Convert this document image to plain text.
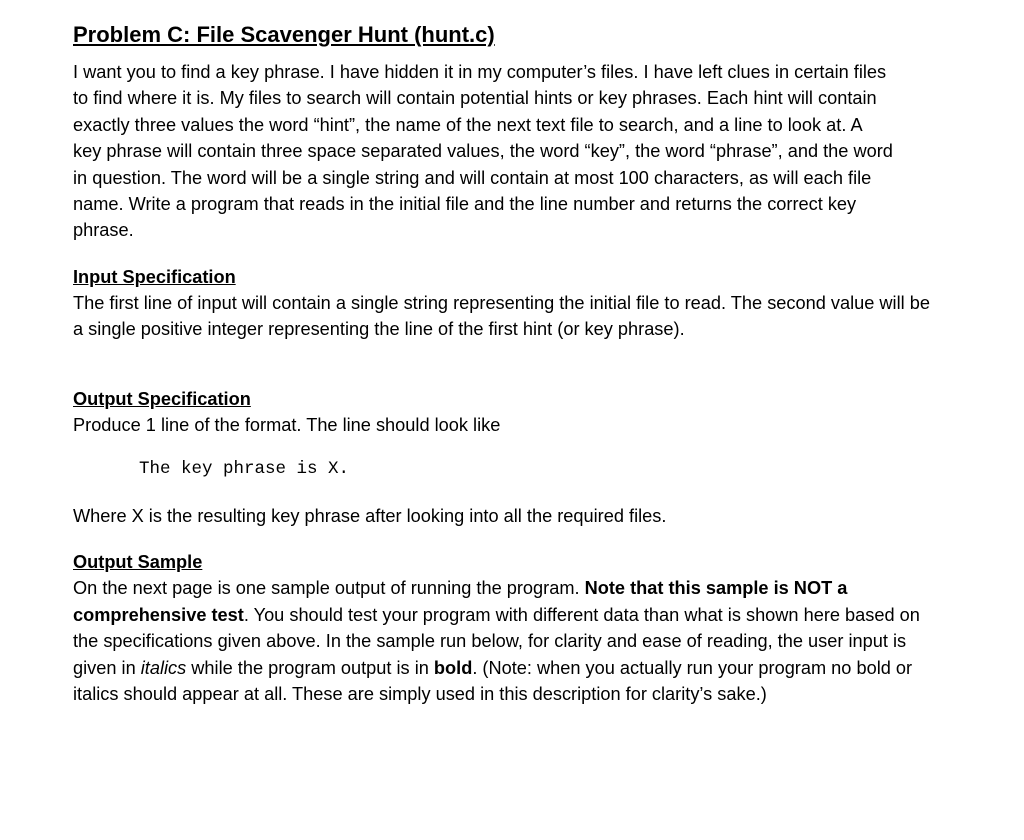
Problem C: File Scavenger Hunt (hunt.c)

I want you to find a key phrase. I have hidden it in my computer’s files. I have left clues in certain files to find where it is. My files to search will contain potential hints or key phrases. Each hint will contain exactly three values the word “hint”, the name of the next text file to search, and a line to look at. A key phrase will contain three space separated values, the word “key”, the word “phrase”, and the word in question. The word will be a single string and will contain at most 100 characters, as will each file name. Write a program that reads in the initial file and the line number and returns the correct key phrase.

Input Specification

The first line of input will contain a single string representing the initial file to read. The second value will be a single positive integer representing the line of the first hint (or key phrase).

Output Specification

Produce 1 line of the format. The line should look like

The key phrase is X.

Where X is the resulting key phrase after looking into all the required files.

Output Sample

On the next page is one sample output of running the program. Note that this sample is NOT a comprehensive test. You should test your program with different data than what is shown here based on the specifications given above. In the sample run below, for clarity and ease of reading, the user input is given in italics while the program output is in bold. (Note: when you actually run your program no bold or italics should appear at all. These are simply used in this description for clarity’s sake.)
